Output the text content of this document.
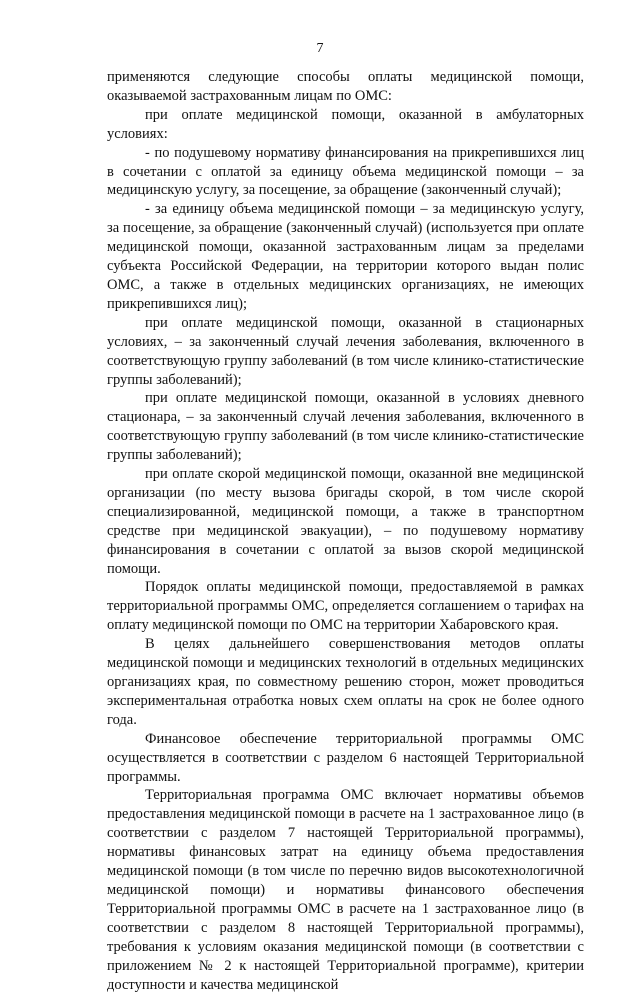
7

применяются следующие способы оплаты медицинской помощи, оказываемой застрахованным лицам по ОМС:

при оплате медицинской помощи, оказанной в амбулаторных условиях:

- по подушевому нормативу финансирования на прикрепившихся лиц в сочетании с оплатой за единицу объема медицинской помощи – за медицинскую услугу, за посещение, за обращение (законченный случай);

- за единицу объема медицинской помощи – за медицинскую услугу, за посещение, за обращение (законченный случай) (используется при оплате медицинской помощи, оказанной застрахованным лицам за пределами субъекта Российской Федерации, на территории которого выдан полис ОМС, а также в отдельных медицинских организациях, не имеющих прикрепившихся лиц);

при оплате медицинской помощи, оказанной в стационарных условиях, – за законченный случай лечения заболевания, включенного в соответствующую группу заболеваний (в том числе клинико-статистические группы заболеваний);

при оплате медицинской помощи, оказанной в условиях дневного стационара, – за законченный случай лечения заболевания, включенного в соответствующую группу заболеваний (в том числе клинико-статистические группы заболеваний);

при оплате скорой медицинской помощи, оказанной вне медицинской организации (по месту вызова бригады скорой, в том числе скорой специализированной, медицинской помощи, а также в транспортном средстве при медицинской эвакуации), – по подушевому нормативу финансирования в сочетании с оплатой за вызов скорой медицинской помощи.

Порядок оплаты медицинской помощи, предоставляемой в рамках территориальной программы ОМС, определяется соглашением о тарифах на оплату медицинской помощи по ОМС на территории Хабаровского края.

В целях дальнейшего совершенствования методов оплаты медицинской помощи и медицинских технологий в отдельных медицинских организациях края, по совместному решению сторон, может проводиться экспериментальная отработка новых схем оплаты на срок не более одного года.

Финансовое обеспечение территориальной программы ОМС осуществляется в соответствии с разделом 6 настоящей Территориальной программы.

Территориальная программа ОМС включает нормативы объемов предоставления медицинской помощи в расчете на 1 застрахованное лицо (в соответствии с разделом 7 настоящей Территориальной программы), нормативы финансовых затрат на единицу объема предоставления медицинской помощи (в том числе по перечню видов высокотехнологичной медицинской помощи) и нормативы финансового обеспечения Территориальной программы ОМС в расчете на 1 застрахованное лицо (в соответствии с разделом 8 настоящей Территориальной программы), требования к условиям оказания медицинской помощи (в соответствии с приложением № 2 к настоящей Территориальной программе), критерии доступности и качества медицинской
